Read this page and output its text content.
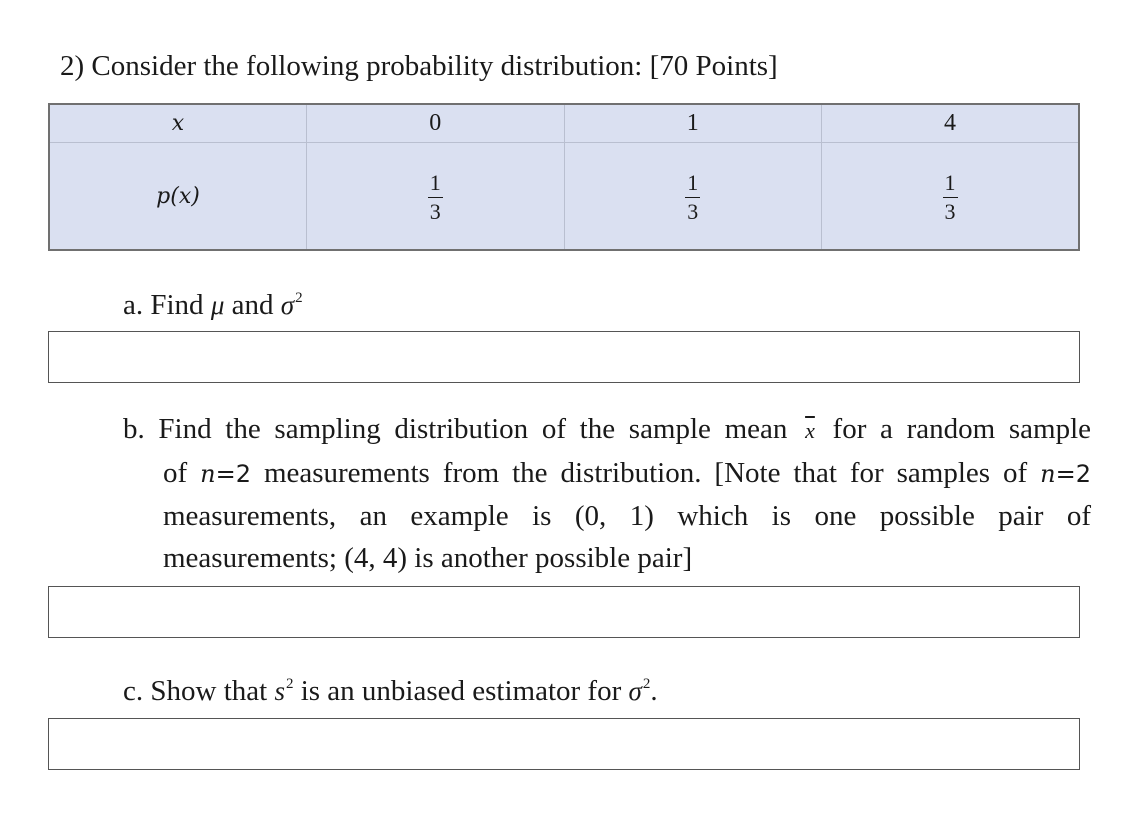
2) Consider the following probability distribution: [70 Points]
x	0	1	4
p(x)	$\frac{1}{3}$	$\frac{1}{3}$	$\frac{1}{3}$
a. Find μ and $\sigma^2$
b. Find the sampling distribution of the sample mean $\overline{x}$ for a random sample
of n=2 measurements from the distribution. [Note that for samples of n=2
measurements, an example is (0, 1) which is one possible pair of
measurements; (4, 4) is another possible pair]
c. Show that $s^2$ is an unbiased estimator for $\sigma^2$.
